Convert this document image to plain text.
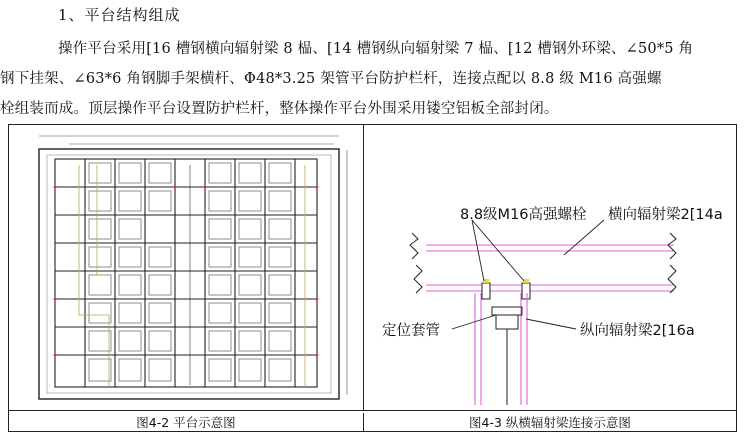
1、平台结构组成
操作平台采用[16 槽钢横向辐射梁 8 榀、[14 槽钢纵向辐射梁 7 榀、[12 槽钢外环梁、∠50*5 角
钢下挂架、∠63*6 角钢脚手架横杆、Φ48*3.25 架管平台防护栏杆，连接点配以 8.8 级 M16 高强螺
栓组装而成。顶层操作平台设置防护栏杆，整体操作平台外围采用镂空铝板全部封闭。
8.8级M16高强螺栓 横向辐射梁2[14a
定位套管	纵向辐射梁2[16a
图4-2 平台示意图	图4-3 纵横辐射梁连接示意图
